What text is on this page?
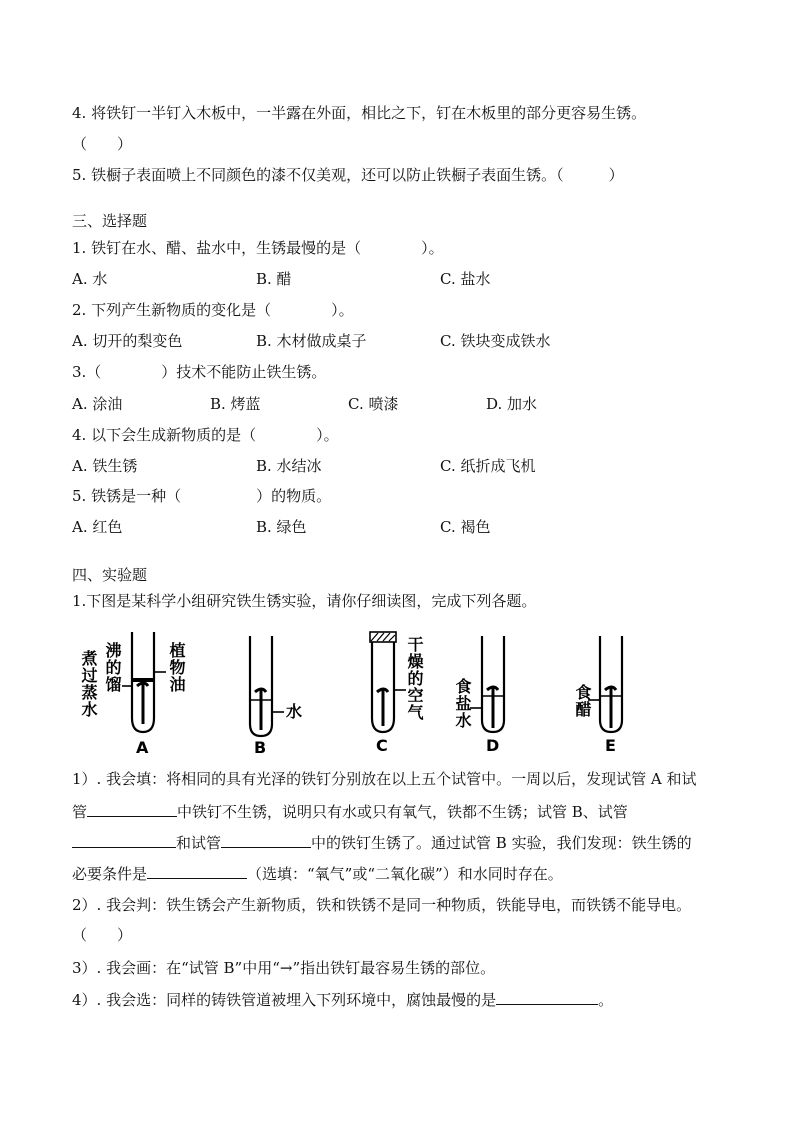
4. 将铁钉一半钉入木板中，一半露在外面，相比之下，钉在木板里的部分更容易生锈。
（　　）
5. 铁橱子表面喷上不同颜色的漆不仅美观，还可以防止铁橱子表面生锈。（　　　）
三、选择题
1. 铁钉在水、醋、盐水中，生锈最慢的是（　　　　）。
A. 水	B. 醋	C. 盐水
2. 下列产生新物质的变化是（　　　　）。
A. 切开的梨变色	B. 木材做成桌子	C. 铁块变成铁水
3.（　　　　）技术不能防止铁生锈。
A. 涂油	B. 烤蓝	C. 喷漆	D. 加水
4. 以下会生成新物质的是（　　　　）。
A. 铁生锈	B. 水结冰	C. 纸折成飞机
5. 铁锈是一种（　　　　　）的物质。
A. 红色	B. 绿色	C. 褐色
四、实验题
1.下图是某科学小组研究铁生锈实验，请你仔细读图，完成下列各题。
煮过蒸水 沸的馏	植物油
水	干燥的空气 食盐水	食醋
A	B	C	D	E
1）. 我会填：将相同的具有光泽的铁钉分别放在以上五个试管中。一周以后，发现试管 A 和试
管	中铁钉不生锈，说明只有水或只有氧气，铁都不生锈；试管 B、试管
和试管	中的铁钉生锈了。通过试管 B 实验，我们发现：铁生锈的
必要条件是	（选填：“氧气”或“二氧化碳”）和水同时存在。
2）. 我会判：铁生锈会产生新物质，铁和铁锈不是同一种物质，铁能导电，而铁锈不能导电。
（　　）
3）. 我会画：在“试管 B”中用“→”指出铁钉最容易生锈的部位。
4）. 我会选：同样的铸铁管道被埋入下列环境中，腐蚀最慢的是	。
